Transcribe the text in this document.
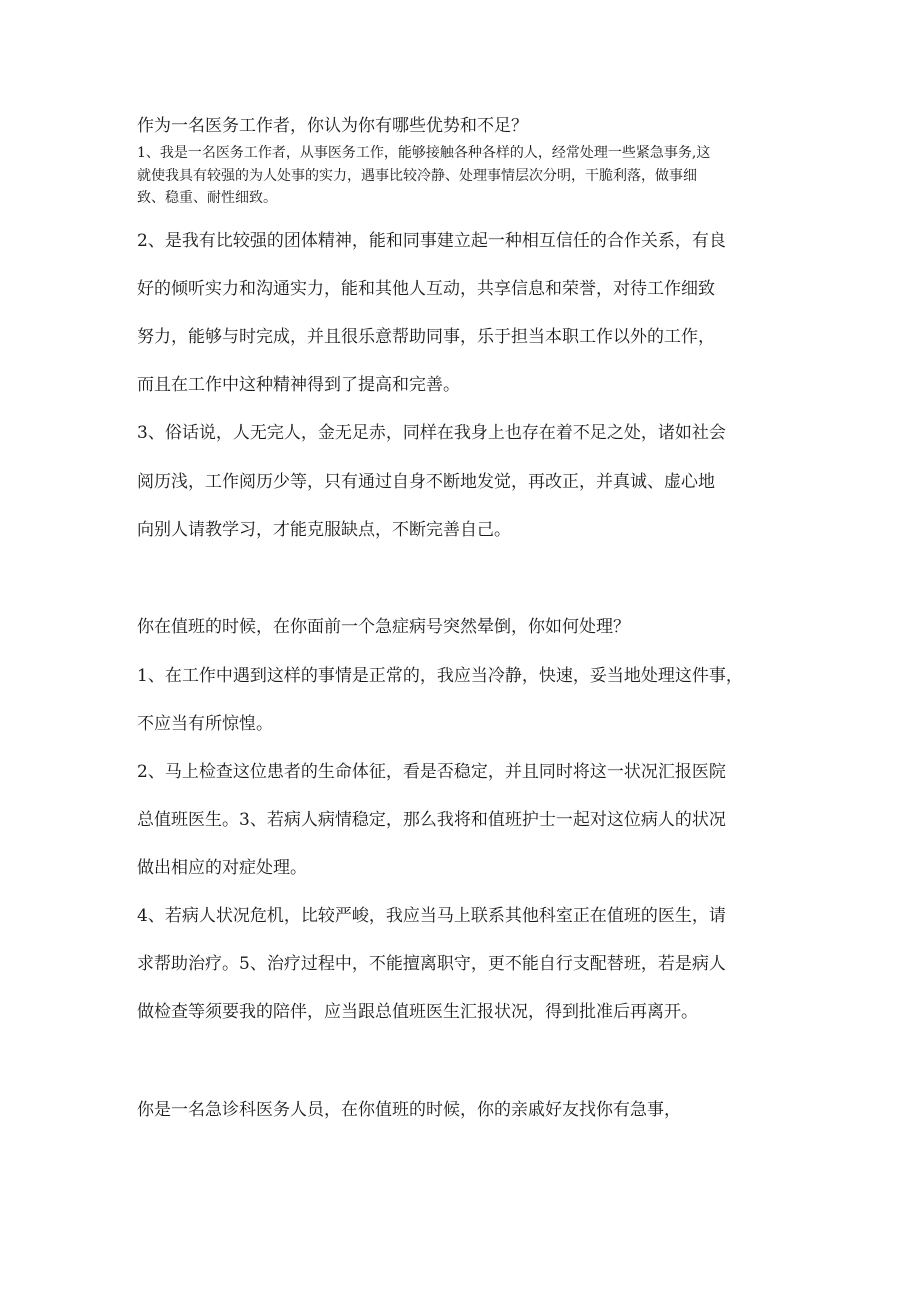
作为一名医务工作者，你认为你有哪些优势和不足？
1、我是一名医务工作者，从事医务工作，能够接触各种各样的人，经常处理一些紧急事务,这
就使我具有较强的为人处事的实力，遇事比较冷静、处理事情层次分明，干脆利落，做事细
致、稳重、耐性细致。
2、是我有比较强的团体精神，能和同事建立起一种相互信任的合作关系，有良
好的倾听实力和沟通实力，能和其他人互动，共享信息和荣誉，对待工作细致
努力，能够与时完成，并且很乐意帮助同事，乐于担当本职工作以外的工作，
而且在工作中这种精神得到了提高和完善。
3、俗话说，人无完人，金无足赤，同样在我身上也存在着不足之处，诸如社会
阅历浅，工作阅历少等，只有通过自身不断地发觉，再改正，并真诚、虚心地
向别人请教学习，才能克服缺点，不断完善自己。
你在值班的时候，在你面前一个急症病号突然晕倒，你如何处理？
1、在工作中遇到这样的事情是正常的，我应当冷静，快速，妥当地处理这件事，
不应当有所惊惶。
2、马上检查这位患者的生命体征，看是否稳定，并且同时将这一状况汇报医院
总值班医生。3、若病人病情稳定，那么我将和值班护士一起对这位病人的状况
做出相应的对症处理。
4、若病人状况危机，比较严峻，我应当马上联系其他科室正在值班的医生，请
求帮助治疗。5、治疗过程中，不能擅离职守，更不能自行支配替班，若是病人
做检查等须要我的陪伴，应当跟总值班医生汇报状况，得到批准后再离开。
你是一名急诊科医务人员，在你值班的时候，你的亲戚好友找你有急事，
